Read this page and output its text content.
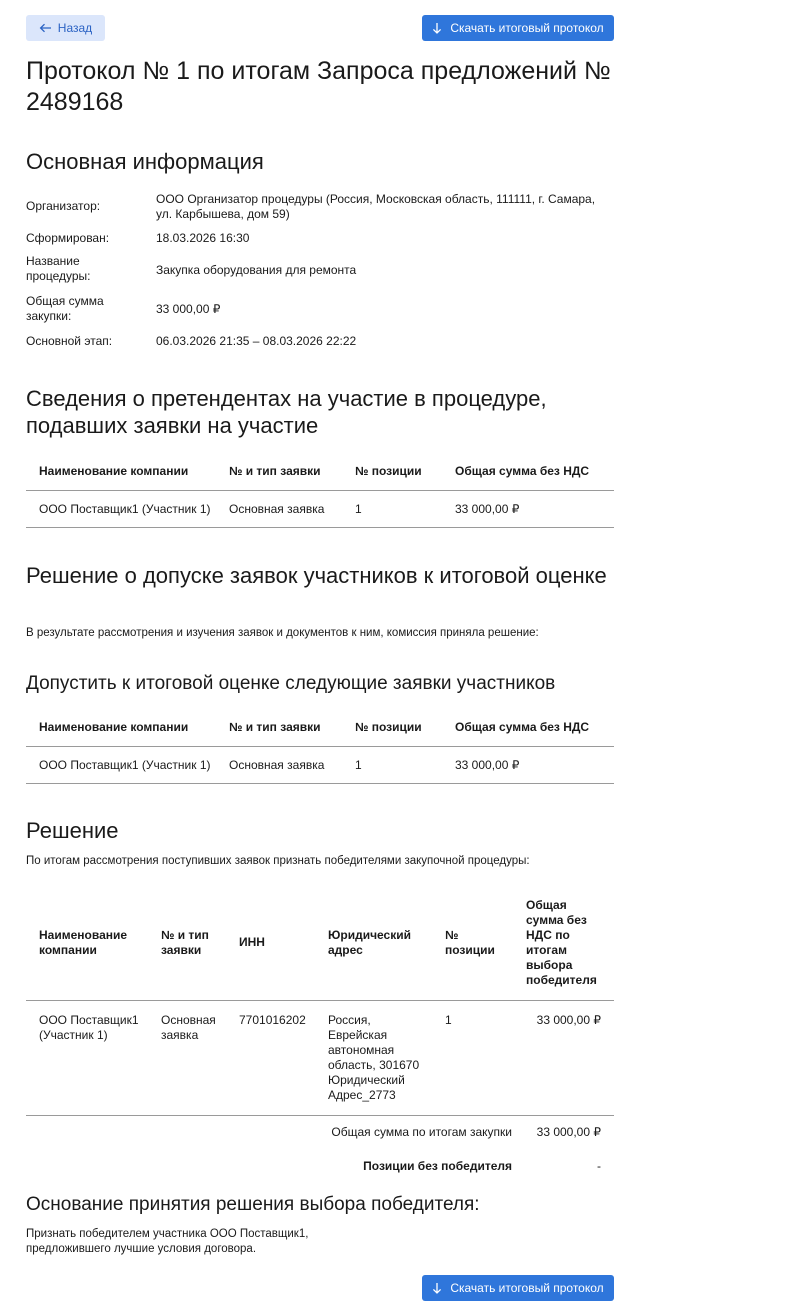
Назад	Скачать итоговый протокол
Протокол № 1 по итогам Запроса предложений № 2489168
Основная информация
Организатор:	ООО Организатор процедуры (Россия, Московская область, 111111, г. Самара, ул. Карбышева, дом 59)
Сформирован:	18.03.2026 16:30
Название процедуры:	Закупка оборудования для ремонта
Общая сумма закупки:	33 000,00 ₽
Основной этап:	06.03.2026 21:35 – 08.03.2026 22:22
Сведения о претендентах на участие в процедуре, подавших заявки на участие
Наименование компании	№ и тип заявки	№ позиции	Общая сумма без НДС
ООО Поставщик1 (Участник 1)	Основная заявка	1	33 000,00 ₽
Решение о допуске заявок участников к итоговой оценке
В результате рассмотрения и изучения заявок и документов к ним, комиссия приняла решение:
Допустить к итоговой оценке следующие заявки участников
Наименование компании	№ и тип заявки	№ позиции	Общая сумма без НДС
ООО Поставщик1 (Участник 1)	Основная заявка	1	33 000,00 ₽
Решение
По итогам рассмотрения поступивших заявок признать победителями закупочной процедуры:
Наименование компании	№ и тип заявки	ИНН	Юридический адрес	№ позиции	Общая сумма без НДС по итогам выбора победителя
ООО Поставщик1 (Участник 1)	Основная заявка	7701016202	Россия, Еврейская автономная область, 301670 Юридический Адрес_2773	1	33 000,00 ₽
Общая сумма по итогам закупки 33 000,00 ₽
Позиции без победителя	-
Основание принятия решения выбора победителя:
Признать победителем участника ООО Поставщик1,
предложившего лучшие условия договора.
Скачать итоговый протокол
